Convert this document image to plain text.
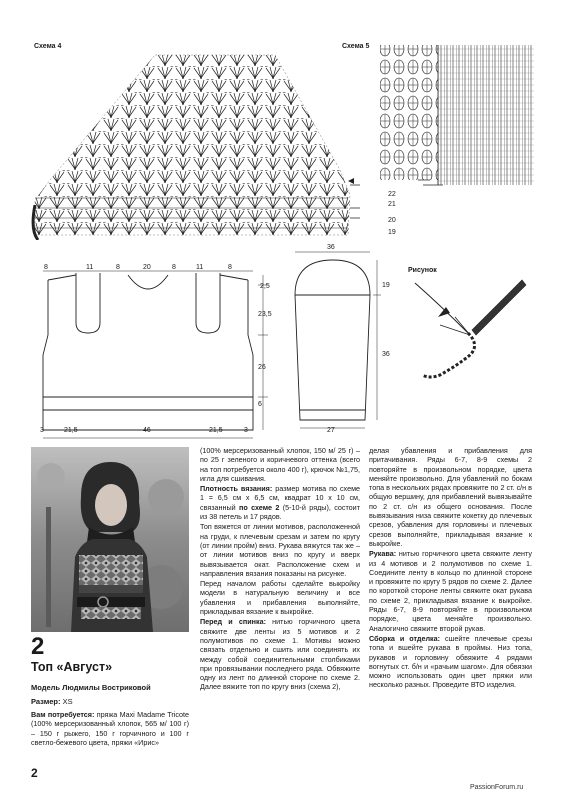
Схема 4	Схема 5
22
21
20
19
8	11	8	20	8	11	8
2,5
23,5
26
6
3	21,5	46	21,5	3
36
19
36
27
Рисунок
2
Топ «Август»
Модель Людмилы Востриковой
Размер: XS
Вам потребуется: пряжа Maxi Madame Tricote (100% мерсеризованный хлопок, 565 м/ 100 г) – 150 г рыжего, 150 г горчичного и 100 г светло-бежевого цвета, пряжи «Ирис»

(100% мерсеризованный хлопок, 150 м/ 25 г) – по 25 г зеленого и коричневого оттенка (всего на топ потребуется около 400 г), крючок №1,75, игла для сшивания.

Плотность вязания: размер мотива по схеме 1 = 6,5 см х 6,5 см, квадрат 10 х 10 см, связанный по схеме 2 (5-10-й ряды), состоит из 38 петель и 17 рядов.

Топ вяжется от линии мотивов, расположенной на груди, к плечевым срезам и затем по кругу (от линии пройм) вниз. Рукава вяжутся так же – от линии мотивов вниз по кругу и вверх вывязывается окат. Расположение схем и направления вязания показаны на рисунке.

Перед началом работы сделайте выкройку модели в натуральную величину и все убавления и прибавления выполняйте, прикладывая вязание к выкройке.

Перед и спинка: нитью горчичного цвета свяжите две ленты из 5 мотивов и 2 полумотивов по схеме 1. Мотивы можно связать отдельно и сшить или соединять их между собой соединительными столбиками при провязывании последнего ряда. Обвяжите одну из лент по длинной стороне по схеме 2. Далее вяжите топ по кругу вниз (схема 2),

делая убавления и прибавления для притачивания. Ряды 6-7, 8-9 схемы 2 повторяйте в произвольном порядке, цвета меняйте произвольно. Для убавлений по бокам топа в нескольких рядах провяжите по 2 ст. с/н в общую вершину, для прибавлений вывязывайте по 2 ст. с/н из общего основания. После вывязывания низа свяжите кокетку до плечевых срезов, убавления для горловины и плечевых срезов выполняйте, прикладывая вязание к выкройке.

Рукава: нитью горчичного цвета свяжите ленту из 4 мотивов и 2 полумотивов по схеме 1. Соедините ленту в кольцо по длинной стороне и провяжите по кругу 5 рядов по схеме 2. Далее по короткой стороне ленты свяжите окат рукава по схеме 2, прикладывая вязание к выкройке. Ряды 6-7, 8-9 повторяйте в произвольном порядке, цвета меняйте произвольно. Аналогично свяжите второй рукав.

Сборка и отделка: сшейте плечевые срезы топа и вшейте рукава в проймы. Низ топа, рукавов и горловину обвяжите 4 рядами вогнутых ст. б/н и «рачьим шагом». Для обвязки можно использовать один цвет пряжи или несколько разных. Проведите ВТО изделия.

2
PassionForum.ru
